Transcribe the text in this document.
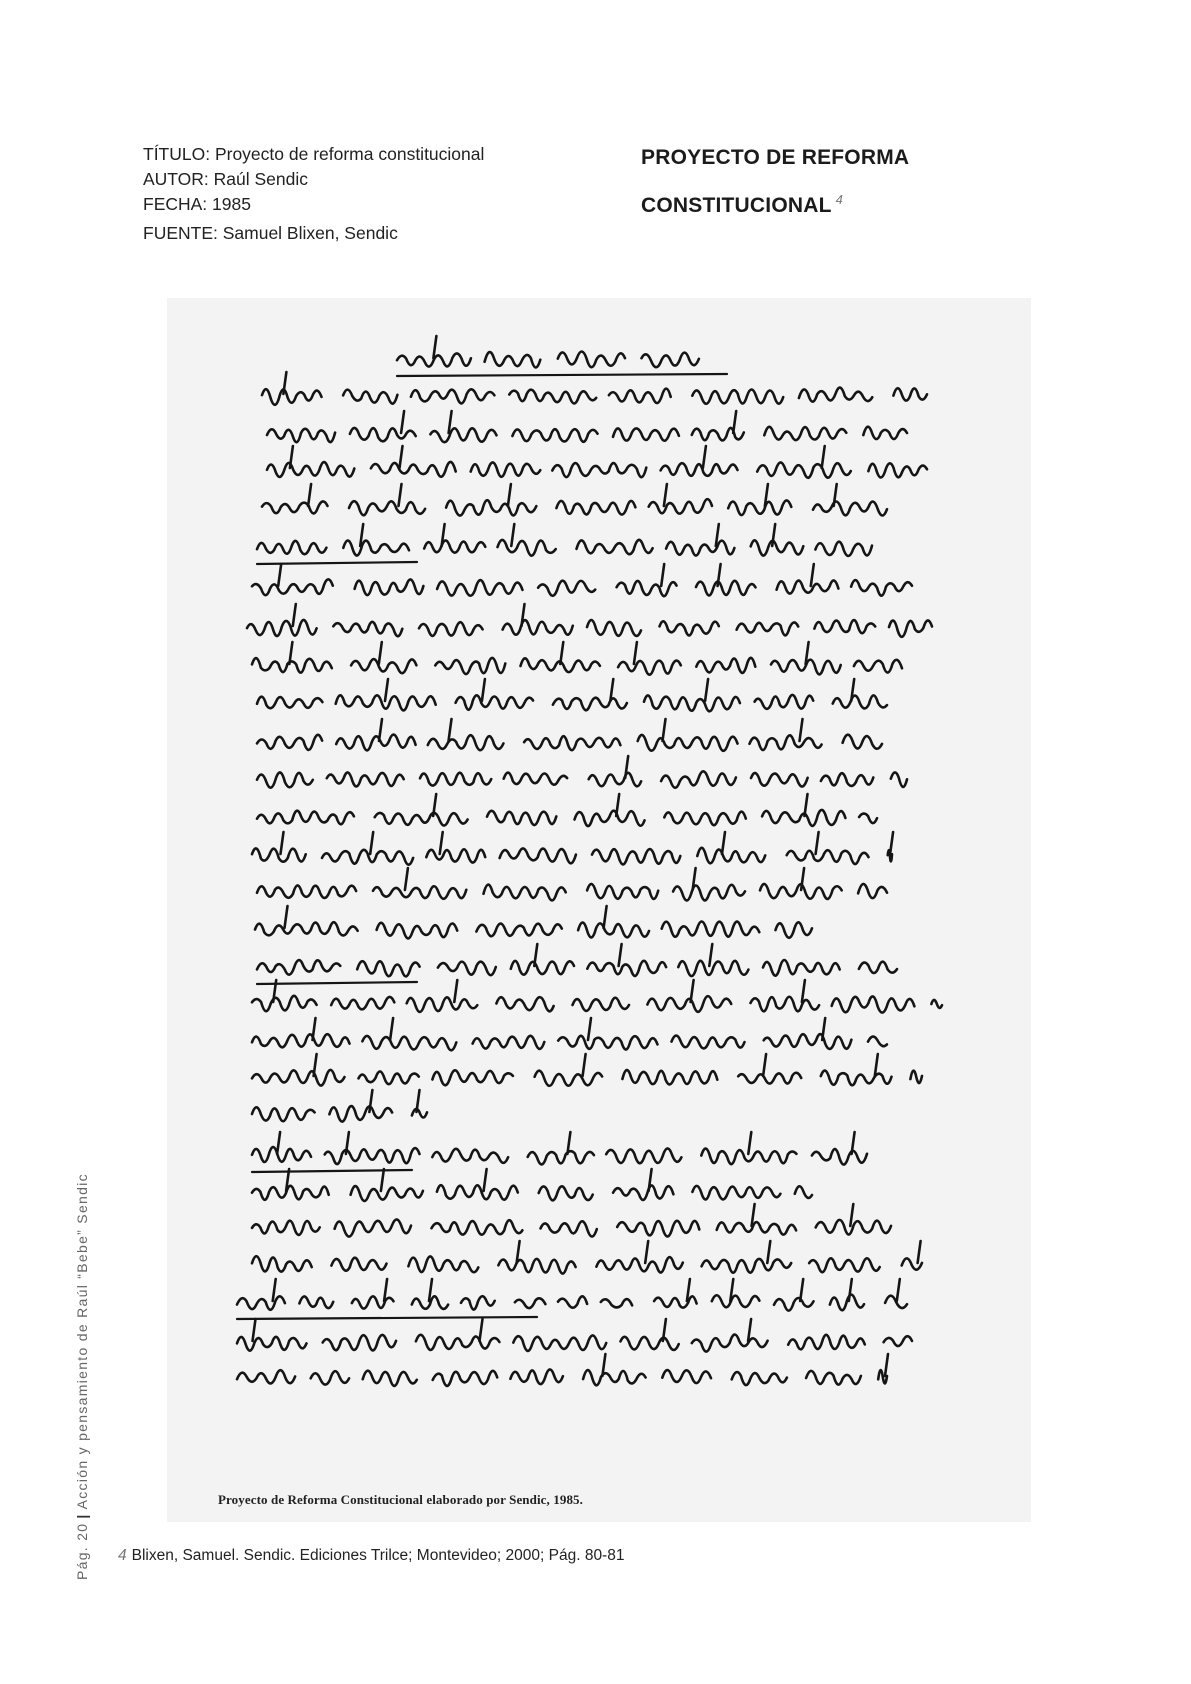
TÍTULO: Proyecto de reforma constitucional
AUTOR: Raúl Sendic
FECHA: 1985
FUENTE: Samuel Blixen, Sendic
PROYECTO DE REFORMA
CONSTITUCIONAL $^4$
Proyecto de Reforma Constitucional elaborado por Sendic, 1985.
Pág. 20|Acción y pensamiento de Raúl “Bebe” Sendic
4 Blixen, Samuel. Sendic. Ediciones Trilce; Montevideo; 2000; Pág. 80-81
